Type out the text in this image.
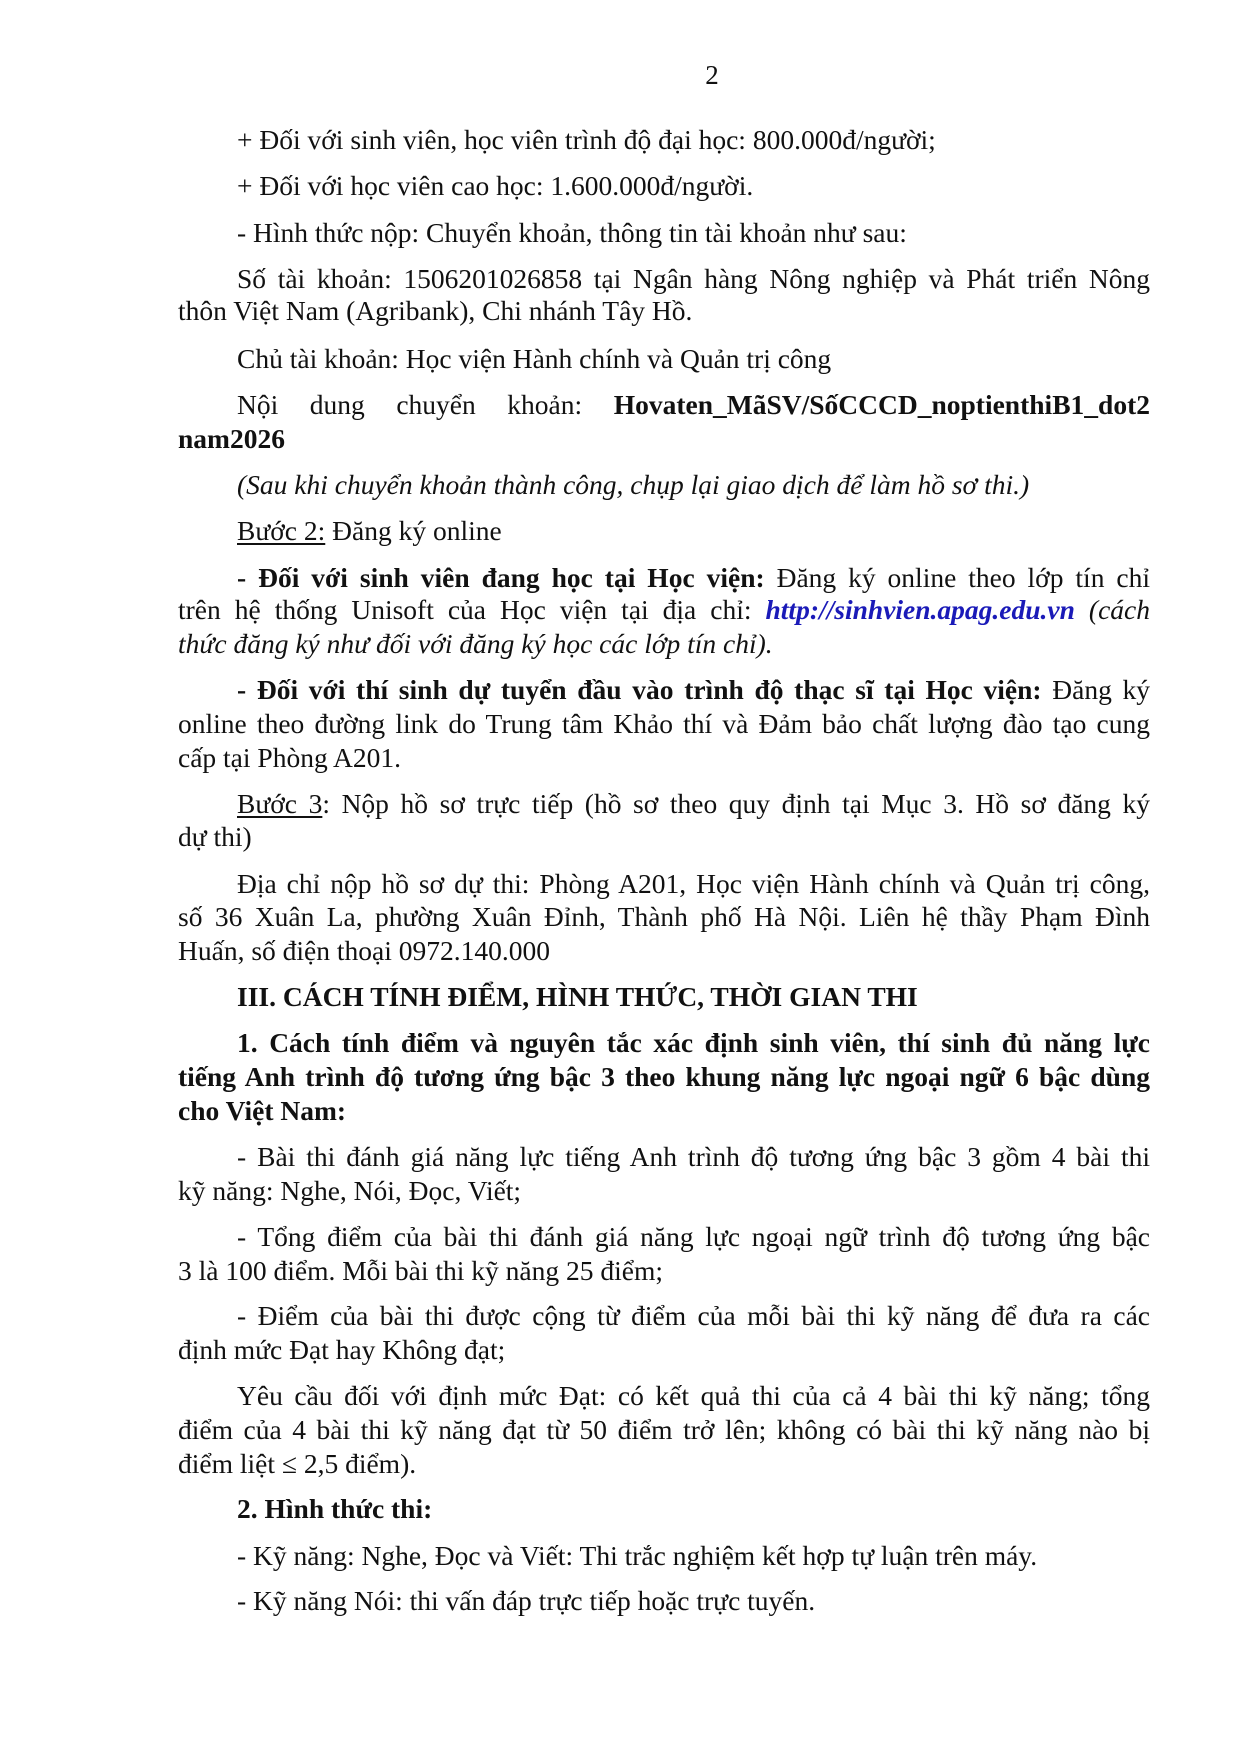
2
+ Đối với sinh viên, học viên trình độ đại học: 800.000đ/người;
+ Đối với học viên cao học: 1.600.000đ/người.
- Hình thức nộp: Chuyển khoản, thông tin tài khoản như sau:
Số tài khoản: 1506201026858 tại Ngân hàng Nông nghiệp và Phát triển Nông
thôn Việt Nam (Agribank), Chi nhánh Tây Hồ.
Chủ tài khoản: Học viện Hành chính và Quản trị công
Nội dung chuyển khoản: Hovaten_MãSV/SốCCCD_noptienthiB1_dot2
nam2026
(Sau khi chuyển khoản thành công, chụp lại giao dịch để làm hồ sơ thi.)
Bước 2: Đăng ký online
- Đối với sinh viên đang học tại Học viện: Đăng ký online theo lớp tín chỉ
trên hệ thống Unisoft của Học viện tại địa chỉ: http://sinhvien.apag.edu.vn (cách
thức đăng ký như đối với đăng ký học các lớp tín chỉ).
- Đối với thí sinh dự tuyển đầu vào trình độ thạc sĩ tại Học viện: Đăng ký
online theo đường link do Trung tâm Khảo thí và Đảm bảo chất lượng đào tạo cung
cấp tại Phòng A201.
Bước 3: Nộp hồ sơ trực tiếp (hồ sơ theo quy định tại Mục 3. Hồ sơ đăng ký
dự thi)
Địa chỉ nộp hồ sơ dự thi: Phòng A201, Học viện Hành chính và Quản trị công,
số 36 Xuân La, phường Xuân Đỉnh, Thành phố Hà Nội. Liên hệ thầy Phạm Đình
Huấn, số điện thoại 0972.140.000
III. CÁCH TÍNH ĐIỂM, HÌNH THỨC, THỜI GIAN THI
1. Cách tính điểm và nguyên tắc xác định sinh viên, thí sinh đủ năng lực
tiếng Anh trình độ tương ứng bậc 3 theo khung năng lực ngoại ngữ 6 bậc dùng
cho Việt Nam:
- Bài thi đánh giá năng lực tiếng Anh trình độ tương ứng bậc 3 gồm 4 bài thi
kỹ năng: Nghe, Nói, Đọc, Viết;
- Tổng điểm của bài thi đánh giá năng lực ngoại ngữ trình độ tương ứng bậc
3 là 100 điểm. Mỗi bài thi kỹ năng 25 điểm;
- Điểm của bài thi được cộng từ điểm của mỗi bài thi kỹ năng để đưa ra các
định mức Đạt hay Không đạt;
Yêu cầu đối với định mức Đạt: có kết quả thi của cả 4 bài thi kỹ năng; tổng
điểm của 4 bài thi kỹ năng đạt từ 50 điểm trở lên; không có bài thi kỹ năng nào bị
điểm liệt ≤ 2,5 điểm).
2. Hình thức thi:
- Kỹ năng: Nghe, Đọc và Viết: Thi trắc nghiệm kết hợp tự luận trên máy.
- Kỹ năng Nói: thi vấn đáp trực tiếp hoặc trực tuyến.
